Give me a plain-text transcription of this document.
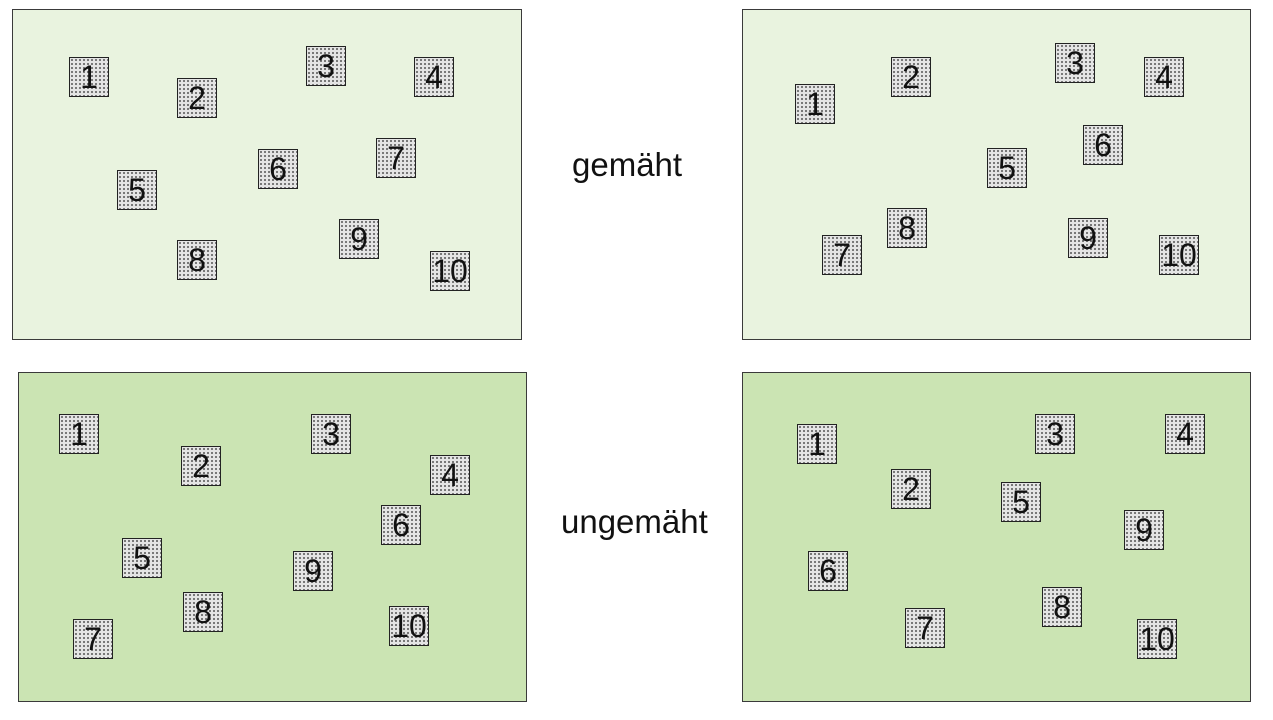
1
2
3	4
5
6	7
8
9
10
1
2	3	4
5
6
7
8	9	10
1
2
3
4
5
6
7
8
9
10
1
2
3	4
5
6
7
8
9
10
gemäht
ungemäht
